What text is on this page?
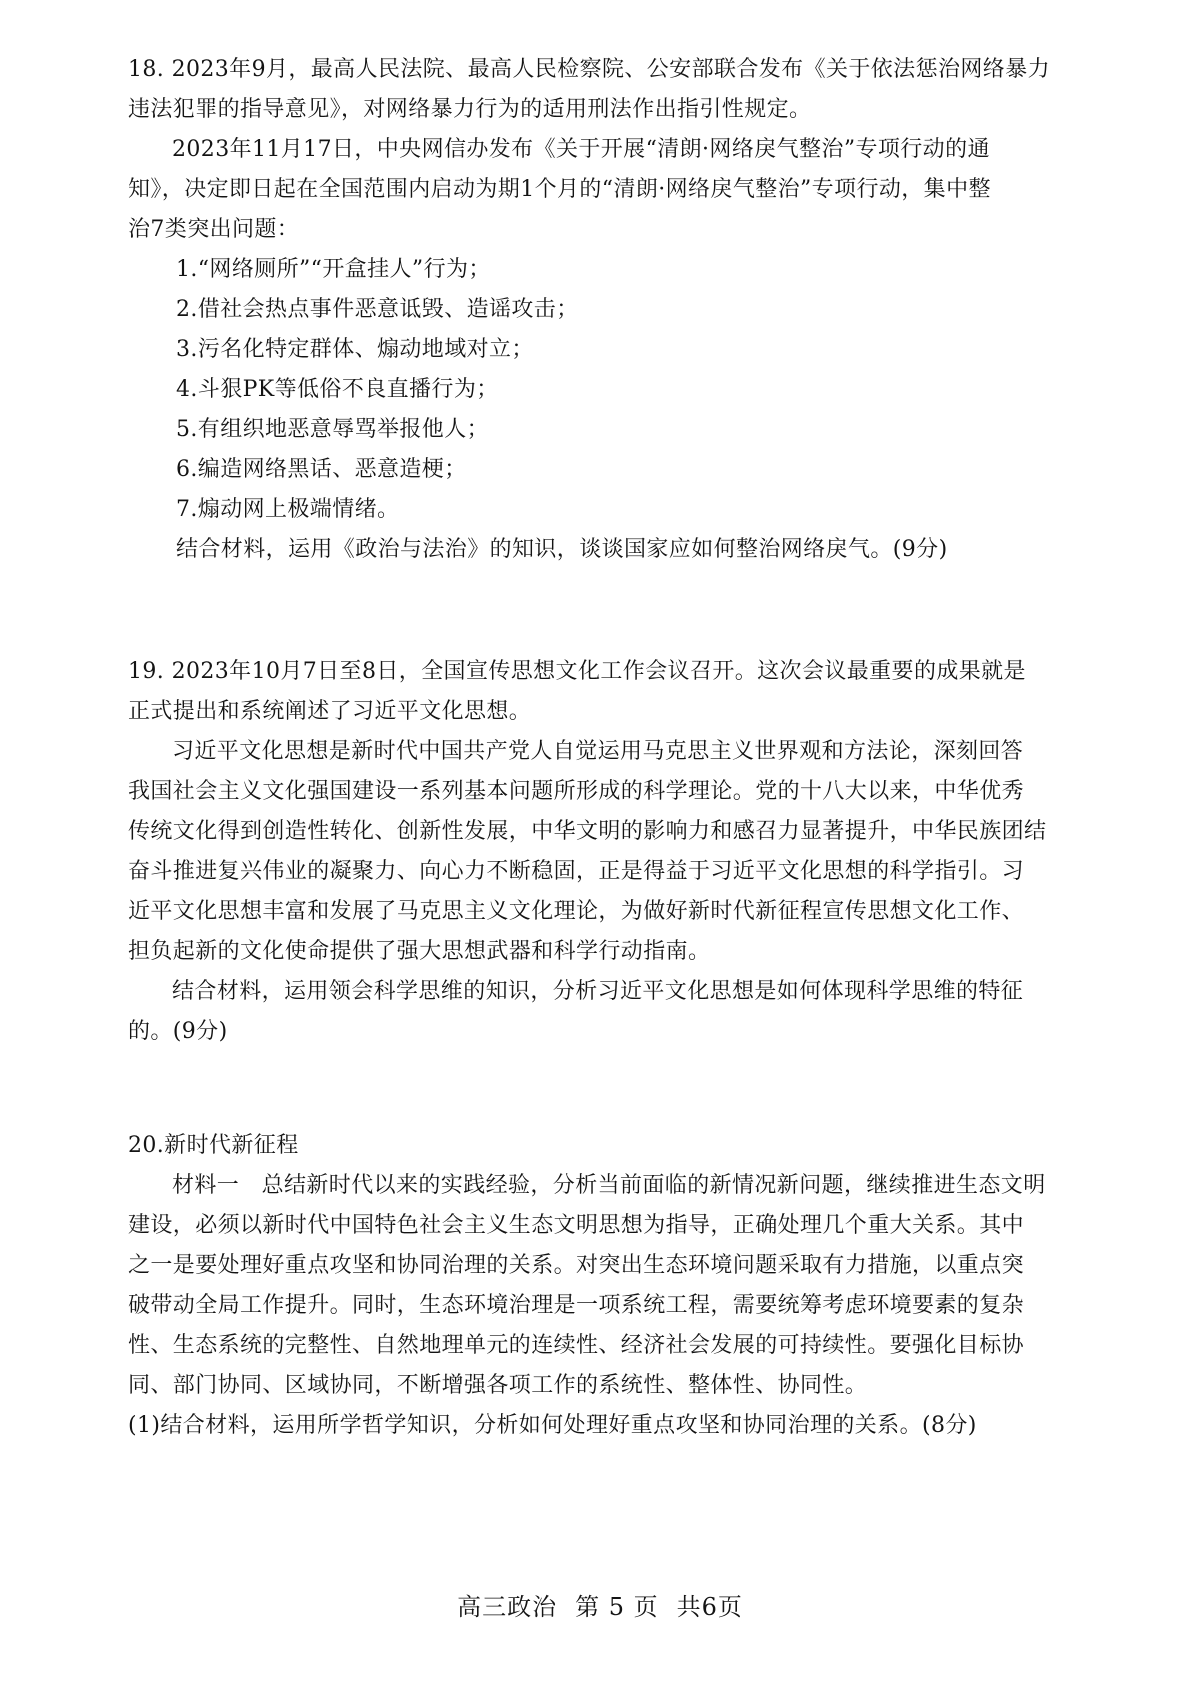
18. 2023年9月，最高人民法院、最高人民检察院、公安部联合发布《关于依法惩治网络暴力
违法犯罪的指导意见》，对网络暴力行为的适用刑法作出指引性规定。
2023年11月17日，中央网信办发布《关于开展“清朗·网络戾气整治”专项行动的通
知》，决定即日起在全国范围内启动为期1个月的“清朗·网络戾气整治”专项行动，集中整
治7类突出问题：
1.“网络厕所”“开盒挂人”行为；
2.借社会热点事件恶意诋毁、造谣攻击；
3.污名化特定群体、煽动地域对立；
4.斗狠PK等低俗不良直播行为；
5.有组织地恶意辱骂举报他人；
6.编造网络黑话、恶意造梗；
7.煽动网上极端情绪。
结合材料，运用《政治与法治》的知识，谈谈国家应如何整治网络戾气。(9分)
19. 2023年10月7日至8日，全国宣传思想文化工作会议召开。这次会议最重要的成果就是
正式提出和系统阐述了习近平文化思想。
习近平文化思想是新时代中国共产党人自觉运用马克思主义世界观和方法论，深刻回答
我国社会主义文化强国建设一系列基本问题所形成的科学理论。党的十八大以来，中华优秀
传统文化得到创造性转化、创新性发展，中华文明的影响力和感召力显著提升，中华民族团结
奋斗推进复兴伟业的凝聚力、向心力不断稳固，正是得益于习近平文化思想的科学指引。习
近平文化思想丰富和发展了马克思主义文化理论，为做好新时代新征程宣传思想文化工作、
担负起新的文化使命提供了强大思想武器和科学行动指南。
结合材料，运用领会科学思维的知识，分析习近平文化思想是如何体现科学思维的特征
的。(9分)
20.新时代新征程
材料一　总结新时代以来的实践经验，分析当前面临的新情况新问题，继续推进生态文明
建设，必须以新时代中国特色社会主义生态文明思想为指导，正确处理几个重大关系。其中
之一是要处理好重点攻坚和协同治理的关系。对突出生态环境问题采取有力措施，以重点突
破带动全局工作提升。同时，生态环境治理是一项系统工程，需要统筹考虑环境要素的复杂
性、生态系统的完整性、自然地理单元的连续性、经济社会发展的可持续性。要强化目标协
同、部门协同、区域协同，不断增强各项工作的系统性、整体性、协同性。
(1)结合材料，运用所学哲学知识，分析如何处理好重点攻坚和协同治理的关系。(8分)
高三政治 第 5 页 共6页
